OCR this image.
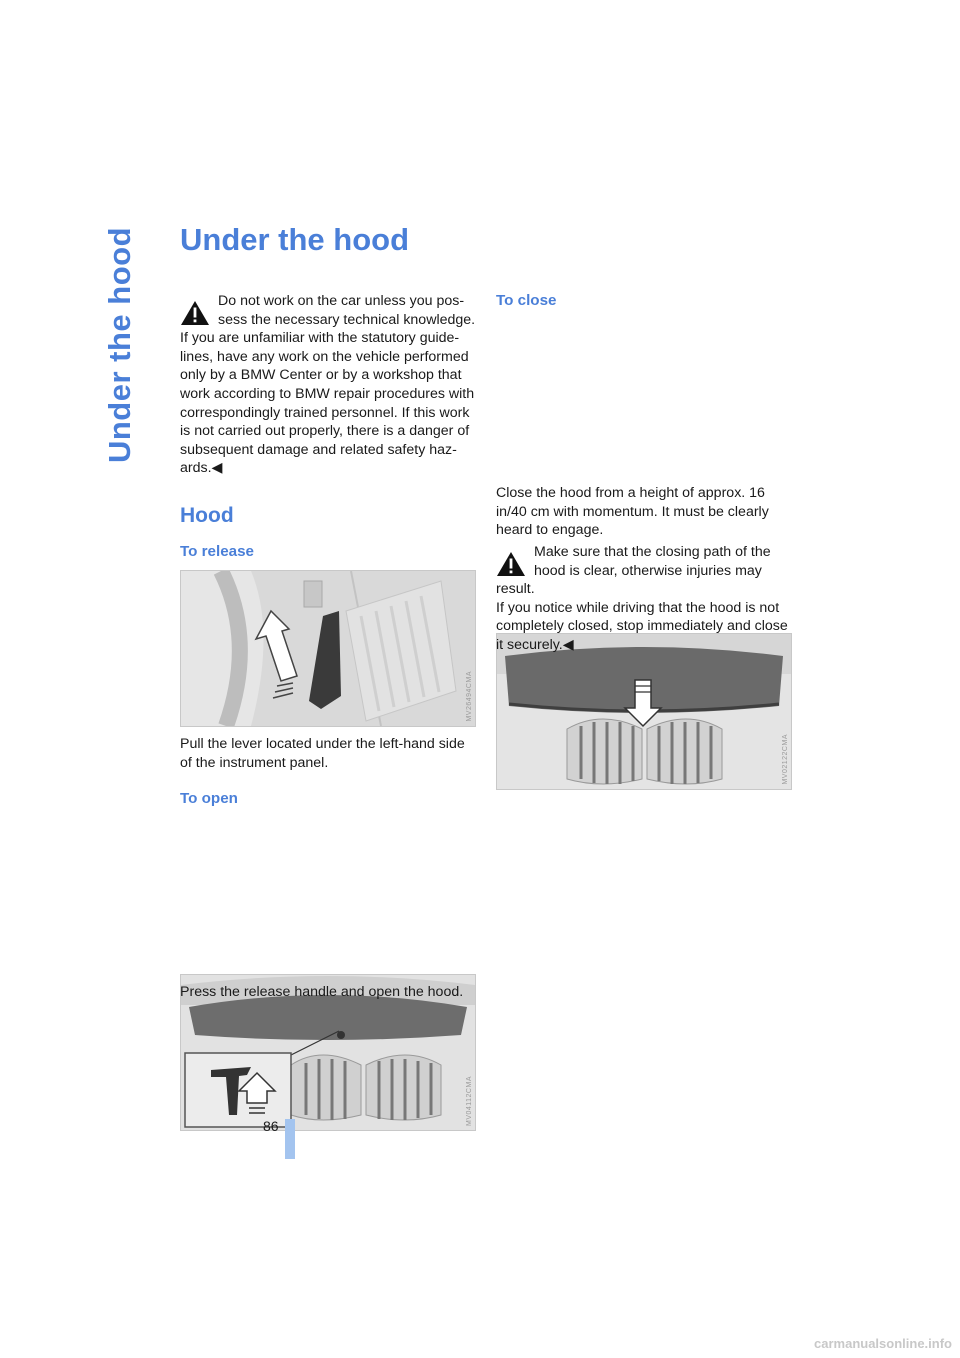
Under the hood Under the hood

Do not work on the car unless you pos-

sess the necessary technical knowledge.

If you are unfamiliar with the statutory guide-lines, have any work on the vehicle performed only by a BMW Center or by a workshop that work according to BMW repair procedures with correspondingly trained personnel. If this work is not carried out properly, there is a danger of subsequent damage and related safety haz-ards.◀

Hood
To release
MV26494CMA

Pull the lever located under the left-hand side of the instrument panel.

To open
MV04112CMA

Press the release handle and open the hood.

To close
MV02122CMA

Close the hood from a height of approx. 16 in/40 cm with momentum. It must be clearly heard to engage.

Make sure that the closing path of the

hood is clear, otherwise injuries may

result.

If you notice while driving that the hood is not completely closed, stop immediately and close it securely.◀

86
carmanualsonline.info
